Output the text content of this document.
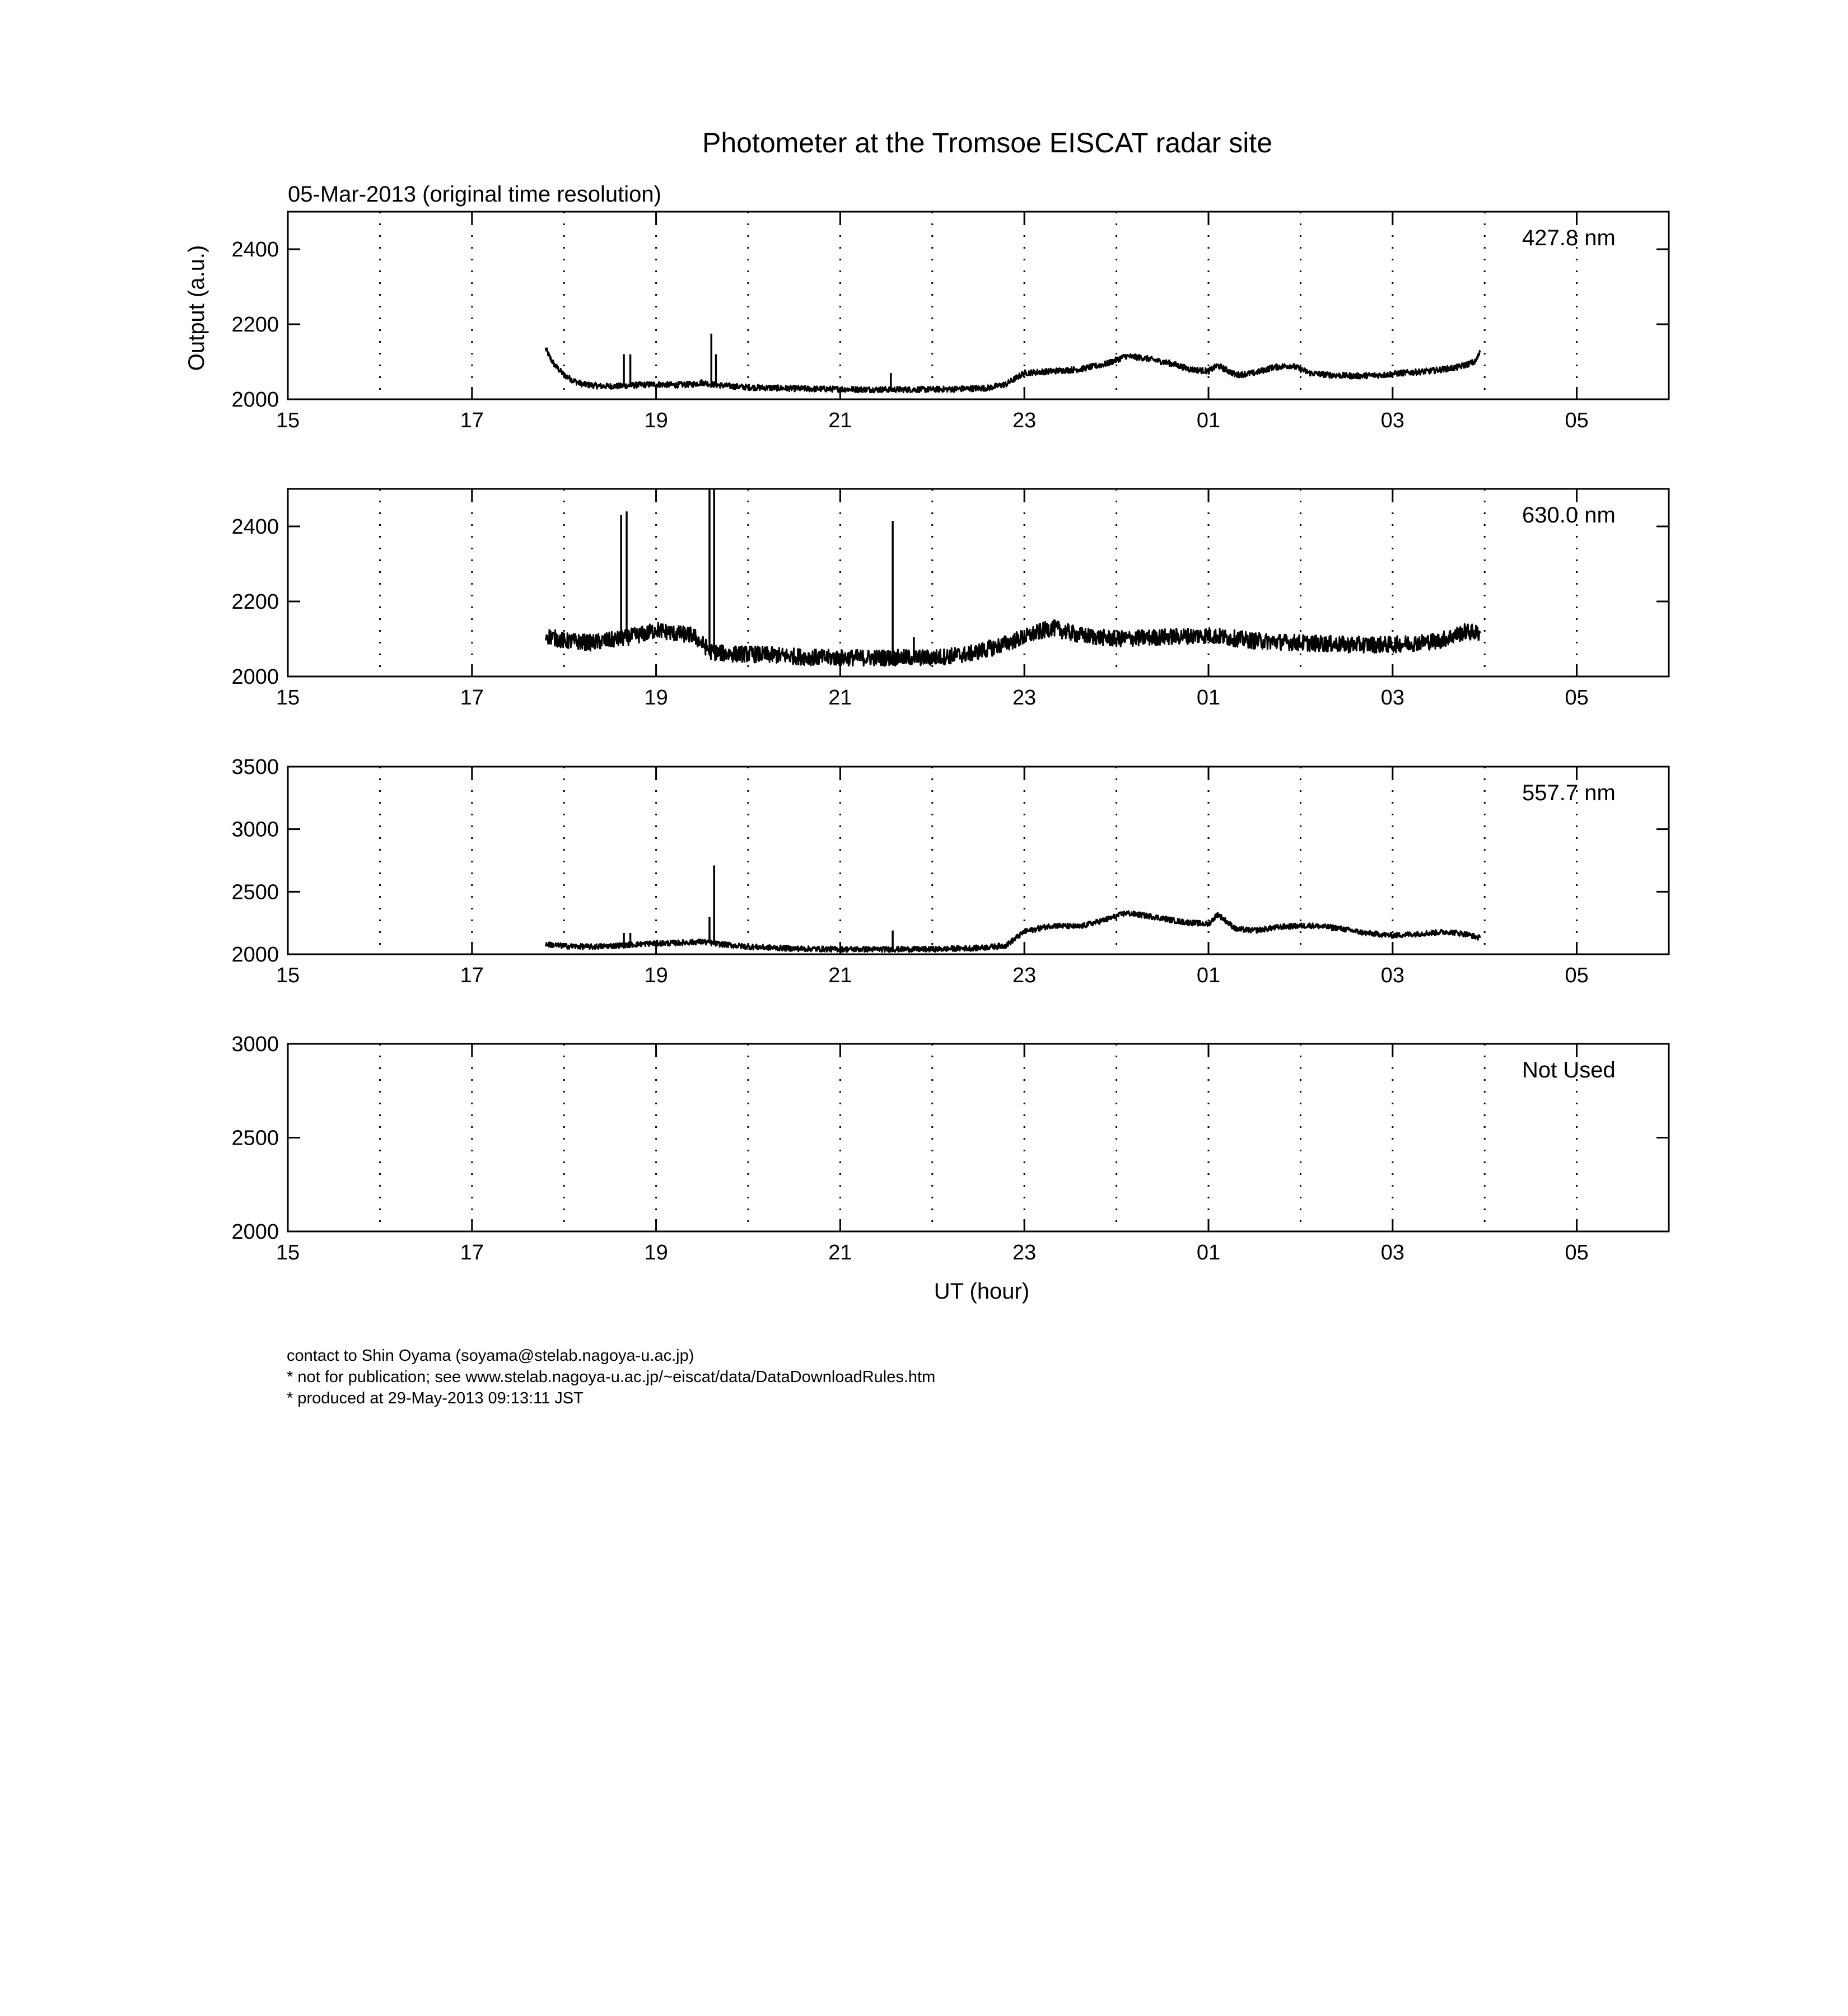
Photometer at the Tromsoe EISCAT radar site
05-Mar-2013 (original time resolution)
Output (a.u.)
UT (hour)
15	17	19	21	23	01	03	05
2000
2200
2400	427.8 nm
15	17	19	21	23	01	03	05
2000
2200
2400	630.0 nm
15	17	19	21	23	01	03	05
2000
2500
3000
3500
557.7 nm
15	17	19	21	23	01	03	05
2000
2500
3000
Not Used
contact to Shin Oyama (soyama@stelab.nagoya-u.ac.jp)
* not for publication; see www.stelab.nagoya-u.ac.jp/~eiscat/data/DataDownloadRules.htm
* produced at 29-May-2013 09:13:11 JST
